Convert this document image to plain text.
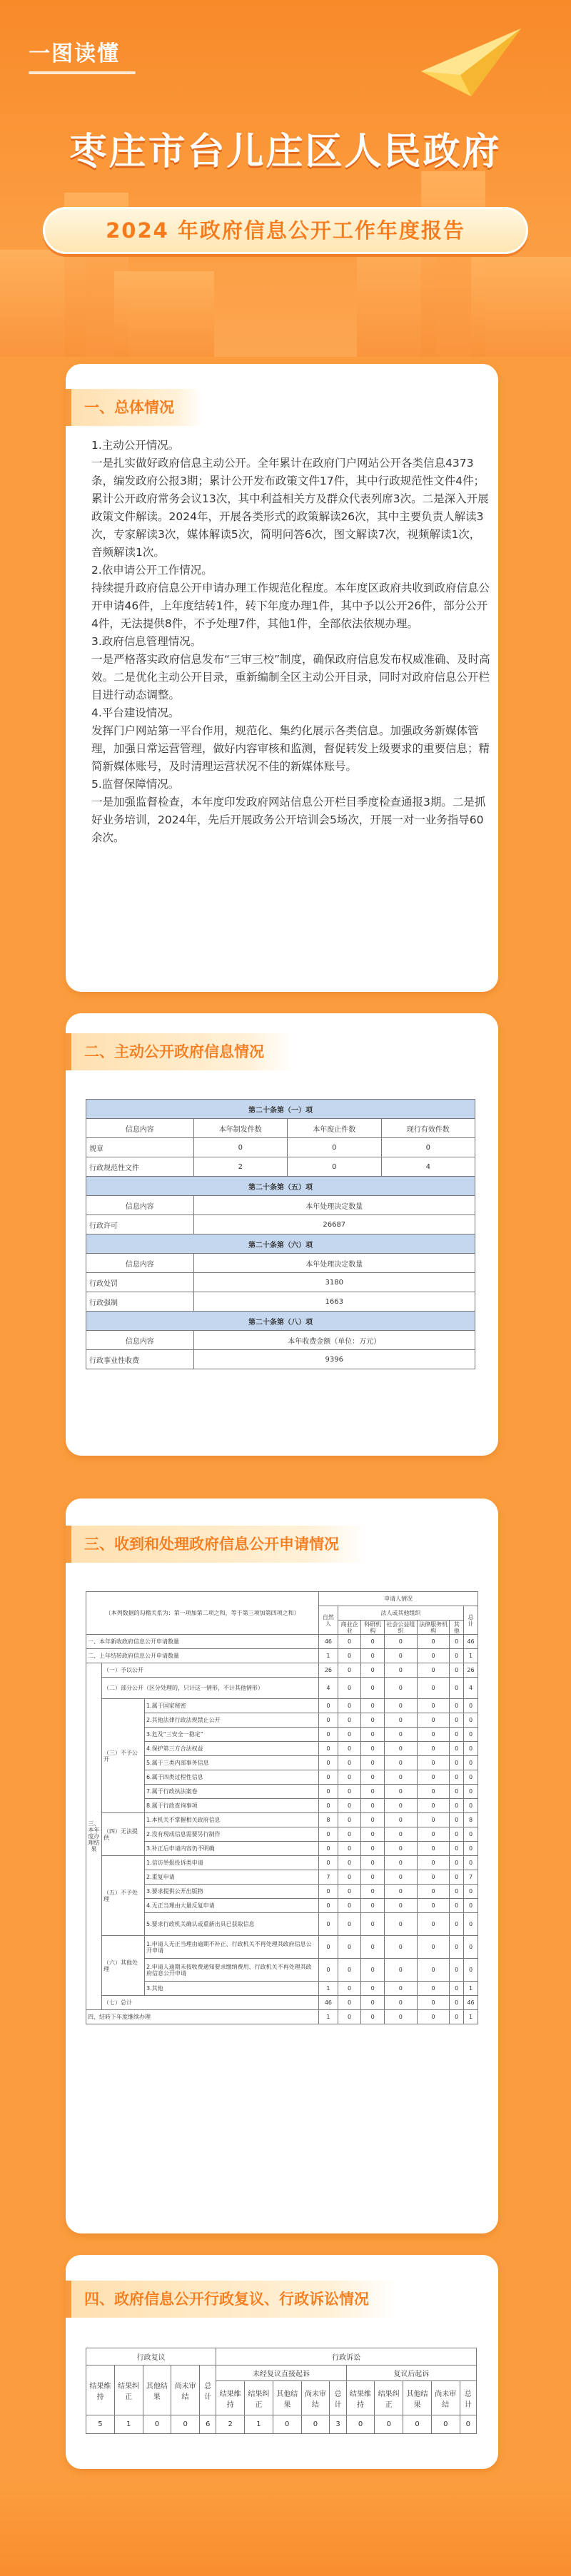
一图读懂
枣庄市台儿庄区人民政府
2024 年政府信息公开工作年度报告
一、总体情况

1.主动公开情况。

一是扎实做好政府信息主动公开。全年累计在政府门户网站公开各类信息4373条，编发政府公报3期；累计公开发布政策文件17件，其中行政规范性文件4件；累计公开政府常务会议13次，其中利益相关方及群众代表列席3次。二是深入开展政策文件解读。2024年，开展各类形式的政策解读26次，其中主要负责人解读3次，专家解读3次，媒体解读5次，简明问答6次，图文解读7次，视频解读1次，音频解读1次。

2.依申请公开工作情况。

持续提升政府信息公开申请办理工作规范化程度。本年度区政府共收到政府信息公开申请46件，上年度结转1件，转下年度办理1件，其中予以公开26件，部分公开4件，无法提供8件，不予处理7件，其他1件，全部依法依规办理。

3.政府信息管理情况。

一是严格落实政府信息发布“三审三校”制度，确保政府信息发布权威准确、及时高效。二是优化主动公开目录，重新编制全区主动公开目录，同时对政府信息公开栏目进行动态调整。

4.平台建设情况。

发挥门户网站第一平台作用，规范化、集约化展示各类信息。加强政务新媒体管理，加强日常运营管理，做好内容审核和监测，督促转发上级要求的重要信息；精简新媒体账号，及时清理运营状况不佳的新媒体账号。

5.监督保障情况。

一是加强监督检查，本年度印发政府网站信息公开栏目季度检查通报3期。二是抓好业务培训，2024年，先后开展政务公开培训会5场次，开展一对一业务指导60余次。

二、主动公开政府信息情况
第二十条第（一）项			
信息内容	本年制发件数	本年废止件数	现行有效件数
规章	0	0	0
行政规范性文件	2	0	4
第二十条第（五）项			
信息内容	本年处理决定数量		
行政许可	26687		
第二十条第（六）项			
信息内容	本年处理决定数量		
行政处罚	3180		
行政强制	1663		
第二十条第（八）项			
信息内容	本年收费金额（单位：万元）		
行政事业性收费	9396		
三、收到和处理政府信息公开申请情况
（本列数据的勾稽关系为：第一项加第二项之和，等于第三项加第四项之和）			申请人情况						
			自然人	法人或其他组织					总计
				商业企业	科研机构	社会公益组织	法律服务机构	其他	
一、本年新收政府信息公开申请数量			46	0	0	0	0	0	46
二、上年结转政府信息公开申请数量			1	0	0	0	0	0	1
三、本年度办理结果	（一）予以公开		26	0	0	0	0	0	26
	（二）部分公开（区分处理的，只计这一情形，不计其他情形）		4	0	0	0	0	0	4
	（三）不予公开	1.属于国家秘密	0	0	0	0	0	0	0
		2.其他法律行政法规禁止公开	0	0	0	0	0	0	0
		3.危及“三安全一稳定”	0	0	0	0	0	0	0
		4.保护第三方合法权益	0	0	0	0	0	0	0
		5.属于三类内部事务信息	0	0	0	0	0	0	0
		6.属于四类过程性信息	0	0	0	0	0	0	0
		7.属于行政执法案卷	0	0	0	0	0	0	0
		8.属于行政查询事项	0	0	0	0	0	0	0
	（四）无法提供	1.本机关不掌握相关政府信息	8	0	0	0	0	0	8
		2.没有现成信息需要另行制作	0	0	0	0	0	0	0
		3.补正后申请内容仍不明确	0	0	0	0	0	0	0
	（五）不予处理	1.信访举报投诉类申请	0	0	0	0	0	0	0
		2.重复申请	7	0	0	0	0	0	7
		3.要求提供公开出版物	0	0	0	0	0	0	0
		4.无正当理由大量反复申请	0	0	0	0	0	0	0
		5.要求行政机关确认或重新出具已获取信息	0	0	0	0	0	0	0
	（六）其他处理	1.申请人无正当理由逾期不补正、行政机关不再处理其政府信息公开申请	0	0	0	0	0	0	0
		2.申请人逾期未按收费通知要求缴纳费用、行政机关不再处理其政府信息公开申请	0	0	0	0	0	0	0
		3.其他	1	0	0	0	0	0	1
	（七）总计		46	0	0	0	0	0	46
四、结转下年度继续办理			1	0	0	0	0	0	1
四、政府信息公开行政复议、行政诉讼情况
行政复议					行政诉讼									
结果维持	结果纠正	其他结果	尚未审结	总计	未经复议直接起诉					复议后起诉				
					结果维持	结果纠正	其他结果	尚未审结	总计	结果维持	结果纠正	其他结果	尚未审结	总计
5	1	0	0	6	2	1	0	0	3	0	0	0	0	0
